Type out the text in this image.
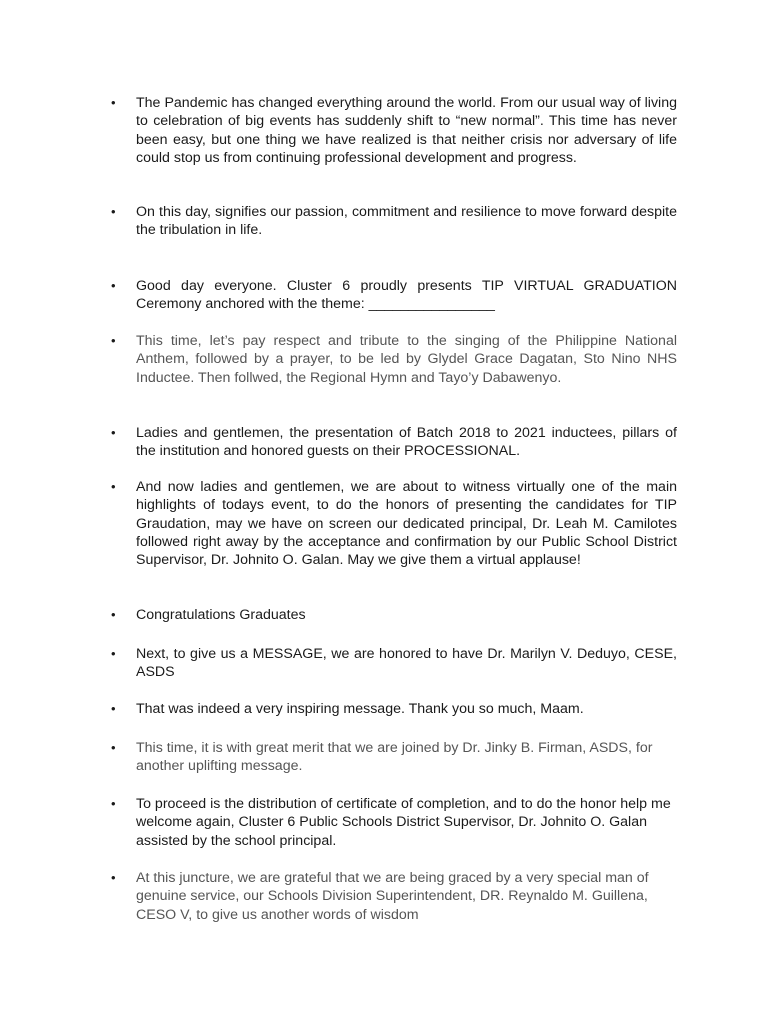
• The Pandemic has changed everything around the world. From our usual way of living to celebration of big events has suddenly shift to “new normal”. This time has never been easy, but one thing we have realized is that neither crisis nor adversary of life could stop us from continuing professional development and progress.
• On this day, signifies our passion, commitment and resilience to move forward despite the tribulation in life.
• Good day everyone. Cluster 6 proudly presents TIP VIRTUAL GRADUATION Ceremony anchored with the theme: ________________
• This time, let’s pay respect and tribute to the singing of the Philippine National Anthem, followed by a prayer, to be led by Glydel Grace Dagatan, Sto Nino NHS Inductee. Then follwed, the Regional Hymn and Tayo’y Dabawenyo.
• Ladies and gentlemen, the presentation of Batch 2018 to 2021 inductees, pillars of the institution and honored guests on their PROCESSIONAL.
• And now ladies and gentlemen, we are about to witness virtually one of the main highlights of todays event, to do the honors of presenting the candidates for TIP Graudation, may we have on screen our dedicated principal, Dr. Leah M. Camilotes followed right away by the acceptance and confirmation by our Public School District Supervisor, Dr. Johnito O. Galan. May we give them a virtual applause!
• Congratulations Graduates
• Next, to give us a MESSAGE, we are honored to have Dr. Marilyn V. Deduyo, CESE, ASDS
• That was indeed a very inspiring message. Thank you so much, Maam.
• This time, it is with great merit that we are joined by Dr. Jinky B. Firman, ASDS, for another uplifting message.
• To proceed is the distribution of certificate of completion, and to do the honor help me welcome again, Cluster 6 Public Schools District Supervisor, Dr. Johnito O. Galan assisted by the school principal.
• At this juncture, we are grateful that we are being graced by a very special man of genuine service, our Schools Division Superintendent, DR. Reynaldo M. Guillena, CESO V, to give us another words of wisdom
